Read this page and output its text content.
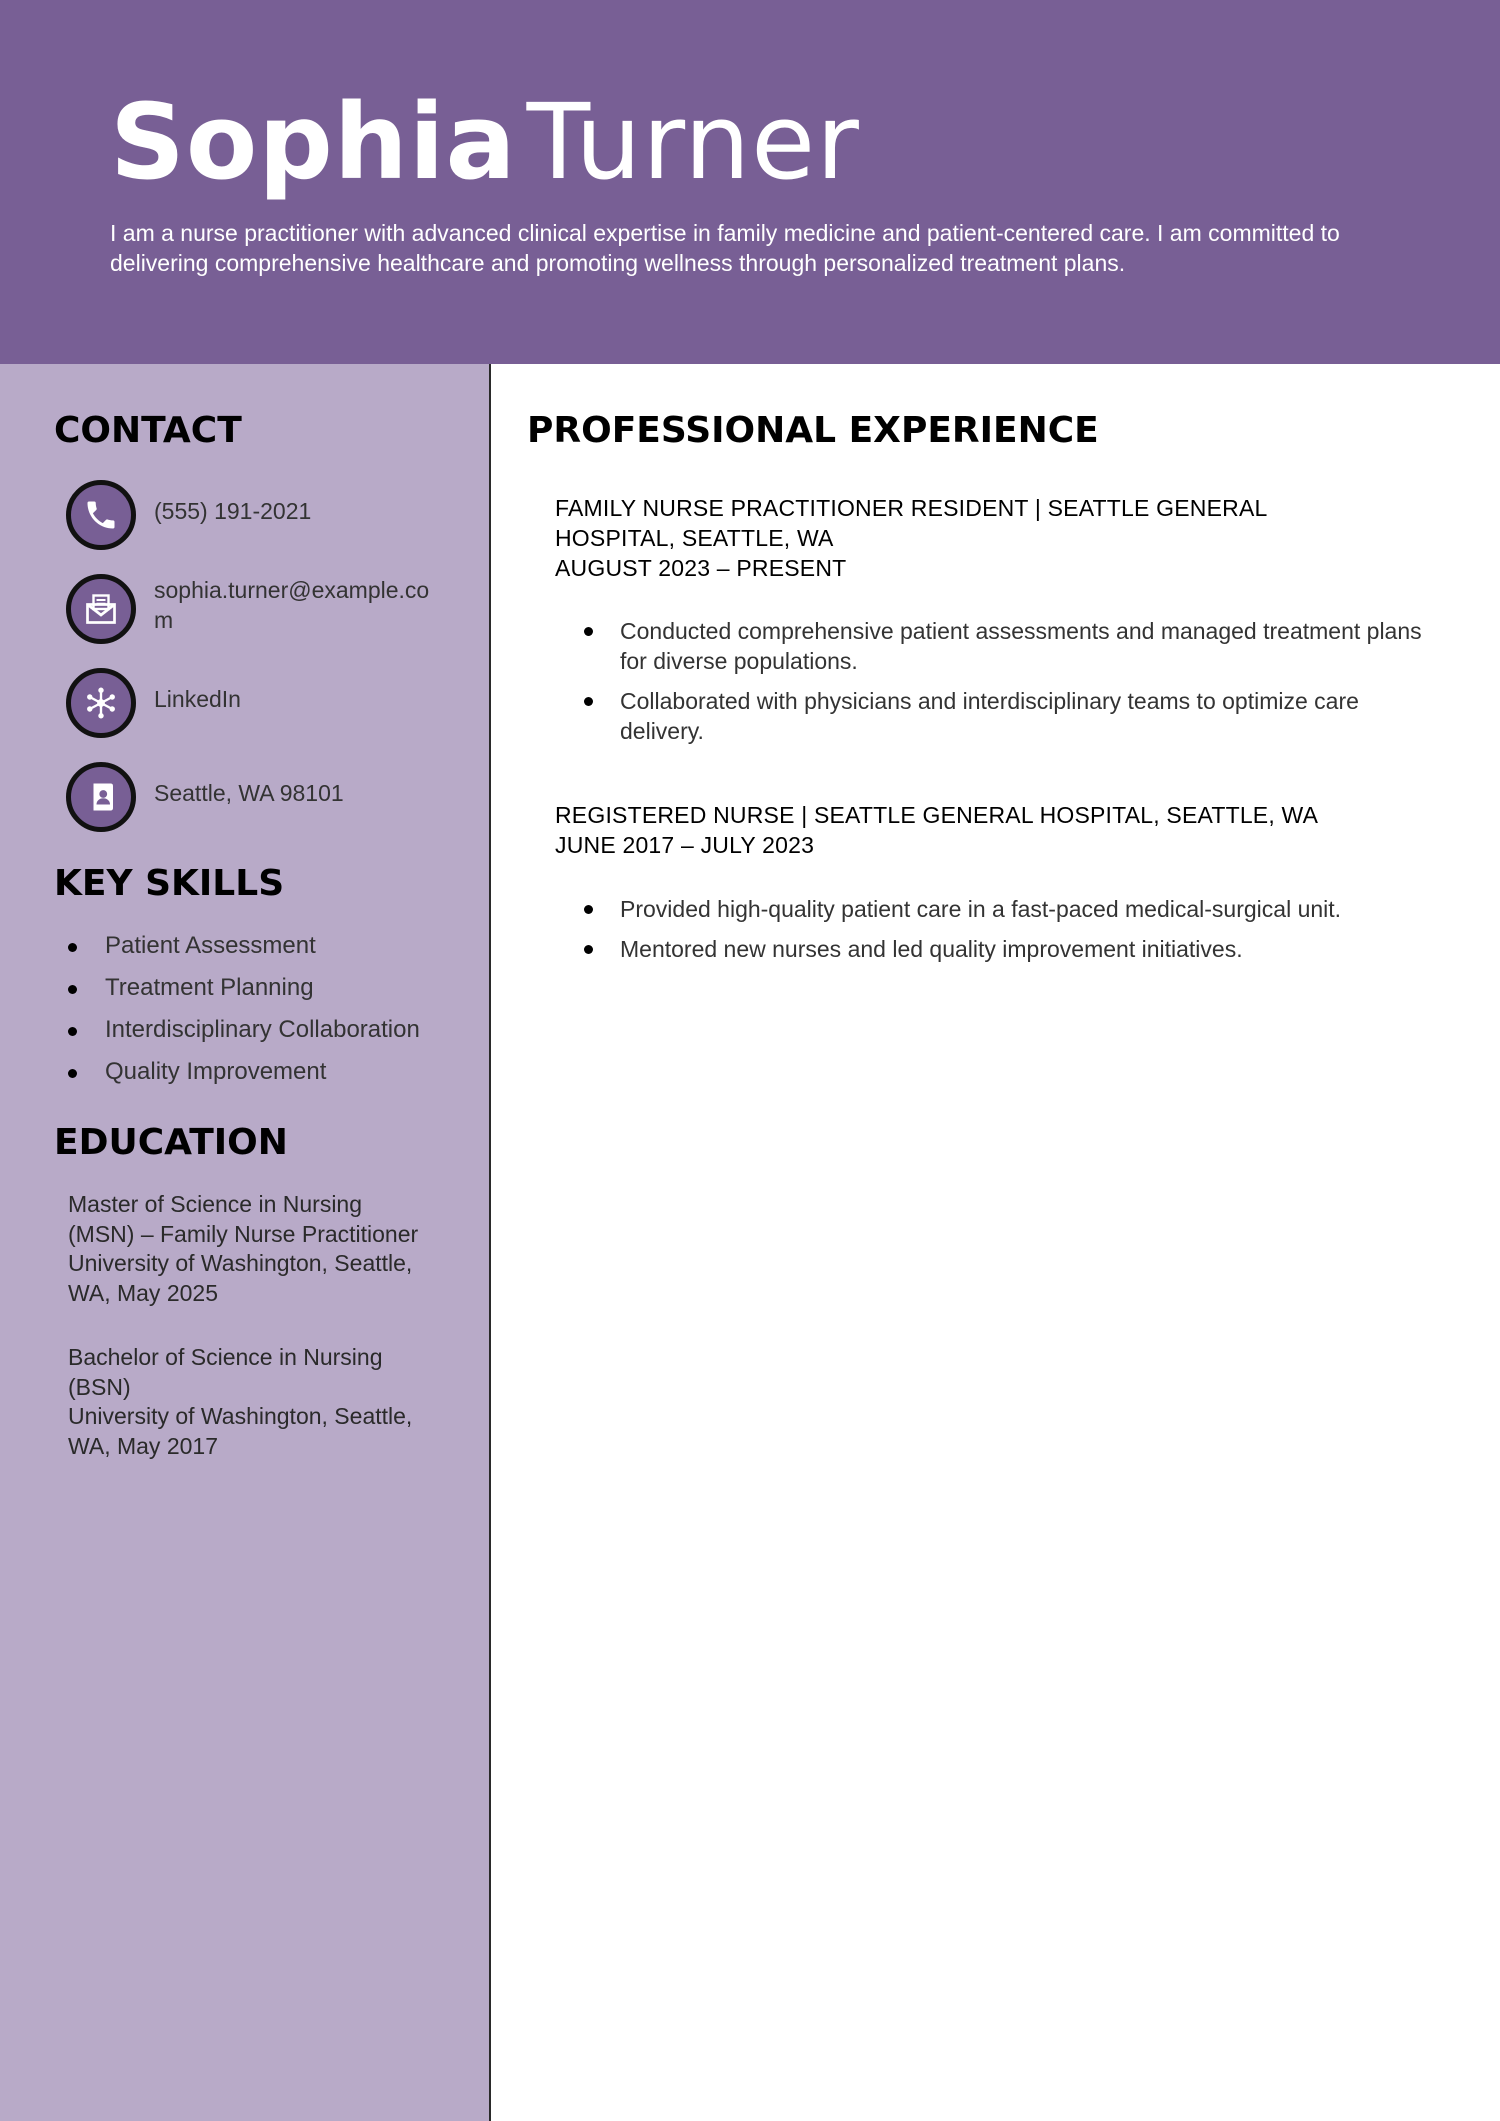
SophiaTurner
I am a nurse practitioner with advanced clinical expertise in family medicine and patient-centered care. I am committed to delivering comprehensive healthcare and promoting wellness through personalized treatment plans.
CONTACT
(555) 191-2021
sophia.turner@example.com
LinkedIn
Seattle, WA 98101
KEY SKILLS
Patient Assessment
Treatment Planning
Interdisciplinary Collaboration
Quality Improvement
EDUCATION
Master of Science in Nursing
(MSN) – Family Nurse Practitioner
University of Washington, Seattle,
WA, May 2025
Bachelor of Science in Nursing
(BSN)
University of Washington, Seattle,
WA, May 2017
PROFESSIONAL EXPERIENCE
FAMILY NURSE PRACTITIONER RESIDENT | SEATTLE GENERAL
HOSPITAL, SEATTLE, WA
AUGUST 2023 – PRESENT
Conducted comprehensive patient assessments and managed treatment plans for diverse populations.
Collaborated with physicians and interdisciplinary teams to optimize care delivery.
REGISTERED NURSE | SEATTLE GENERAL HOSPITAL, SEATTLE, WA
JUNE 2017 – JULY 2023
Provided high-quality patient care in a fast-paced medical-surgical unit.
Mentored new nurses and led quality improvement initiatives.
